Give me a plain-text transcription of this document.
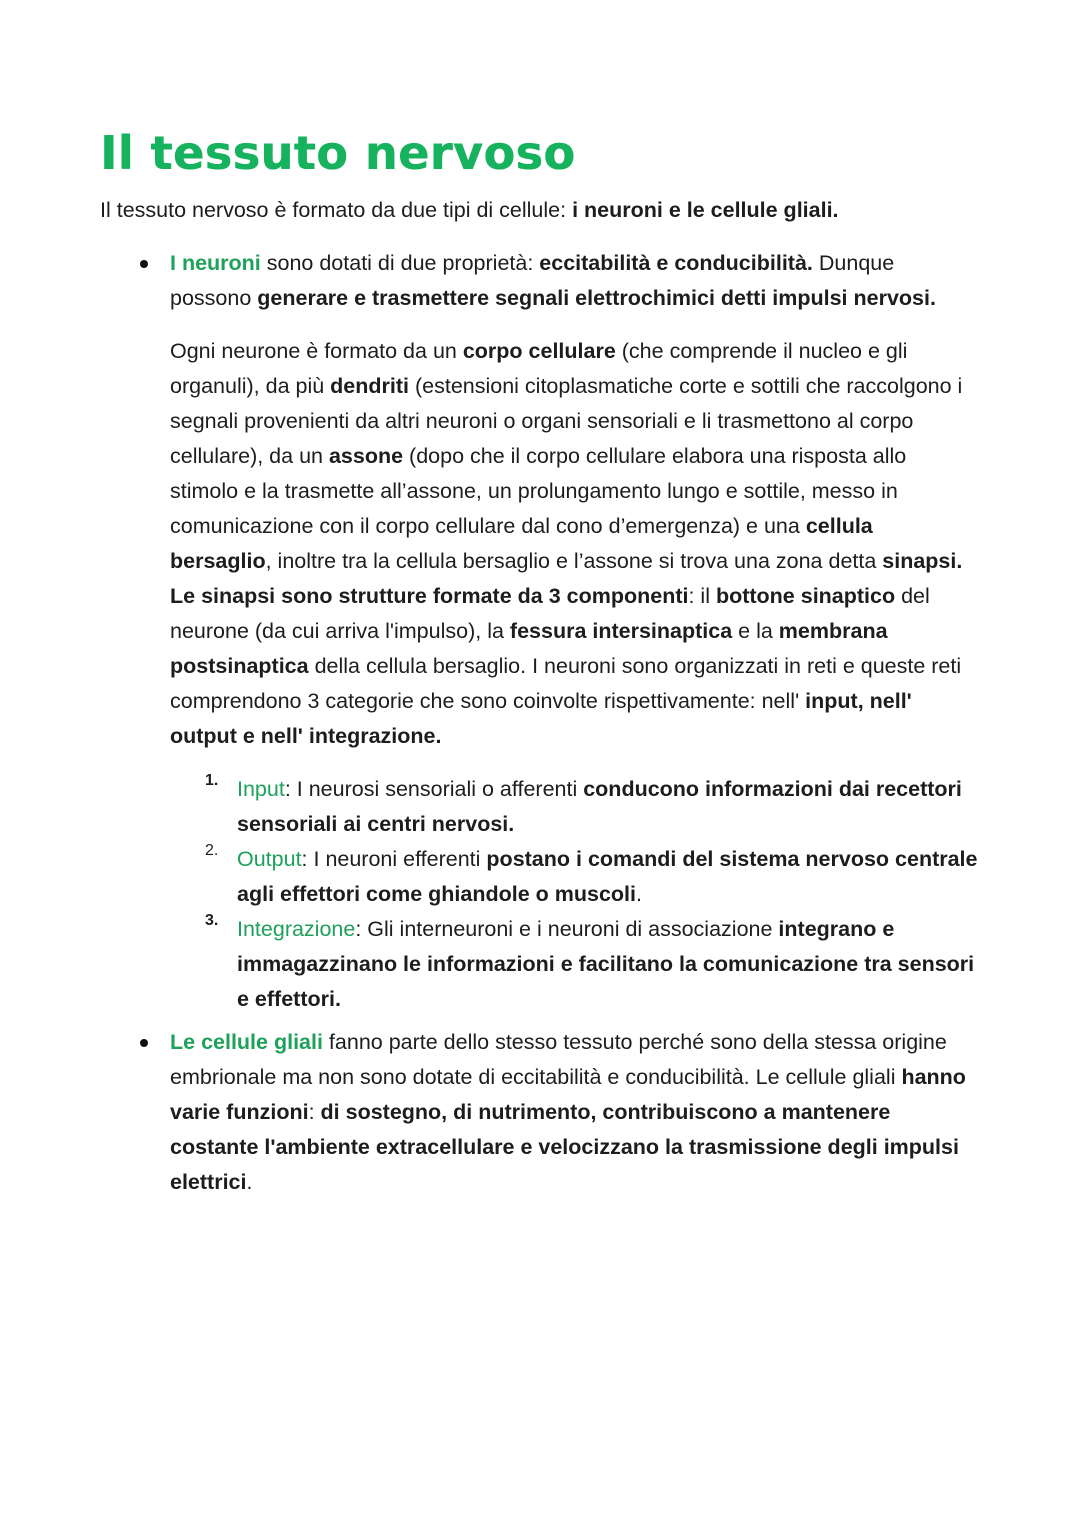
Il tessuto nervoso
Il tessuto nervoso è formato da due tipi di cellule: i neuroni e le cellule gliali.
I neuroni sono dotati di due proprietà: eccitabilità e conducibilità. Dunque possono generare e trasmettere segnali elettrochimici detti impulsi nervosi.
Ogni neurone è formato da un corpo cellulare (che comprende il nucleo e gli organuli), da più dendriti (estensioni citoplasmatiche corte e sottili che raccolgono i segnali provenienti da altri neuroni o organi sensoriali e li trasmettono al corpo cellulare), da un assone (dopo che il corpo cellulare elabora una risposta allo stimolo e la trasmette all’assone, un prolungamento lungo e sottile, messo in comunicazione con il corpo cellulare dal cono d’emergenza) e una cellula bersaglio, inoltre tra la cellula bersaglio e l’assone si trova una zona detta sinapsi. Le sinapsi sono strutture formate da 3 componenti: il bottone sinaptico del neurone (da cui arriva l'impulso), la fessura intersinaptica e la membrana postsinaptica della cellula bersaglio. I neuroni sono organizzati in reti e queste reti comprendono 3 categorie che sono coinvolte rispettivamente: nell' input, nell' output e nell' integrazione.
1. Input: I neurosi sensoriali o afferenti conducono informazioni dai recettori sensoriali ai centri nervosi.
2. Output: I neuroni efferenti postano i comandi del sistema nervoso centrale agli effettori come ghiandole o muscoli.
3. Integrazione: Gli interneuroni e i neuroni di associazione integrano e immagazzinano le informazioni e facilitano la comunicazione tra sensori e effettori.
Le cellule gliali fanno parte dello stesso tessuto perché sono della stessa origine embrionale ma non sono dotate di eccitabilità e conducibilità. Le cellule gliali hanno varie funzioni: di sostegno, di nutrimento, contribuiscono a mantenere costante l'ambiente extracellulare e velocizzano la trasmissione degli impulsi elettrici.
